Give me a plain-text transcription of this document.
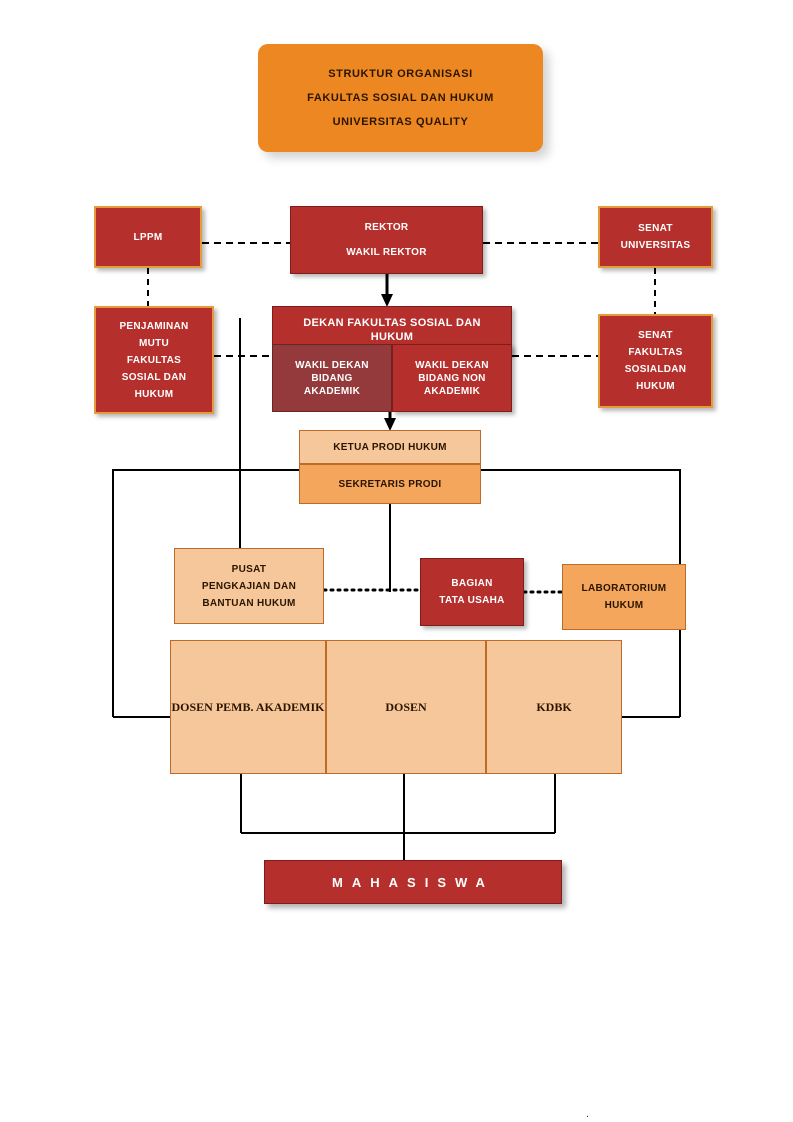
STRUKTUR ORGANISASI
FAKULTAS SOSIAL DAN HUKUM
UNIVERSITAS QUALITY
LPPM
REKTOR
WAKIL REKTOR
SENAT
UNIVERSITAS
PENJAMINAN
MUTU
FAKULTAS
SOSIAL DAN
HUKUM
DEKAN FAKULTAS SOSIAL DAN
HUKUM
WAKIL DEKAN
BIDANG
AKADEMIK
WAKIL DEKAN
BIDANG NON
AKADEMIK
SENAT
FAKULTAS
SOSIALDAN
HUKUM
KETUA PRODI HUKUM
SEKRETARIS PRODI
PUSAT
PENGKAJIAN DAN
BANTUAN HUKUM
BAGIAN
TATA USAHA
LABORATORIUM
HUKUM
DOSEN PEMB. AKADEMIK	DOSEN	KDBK
MAHASISWA
.
